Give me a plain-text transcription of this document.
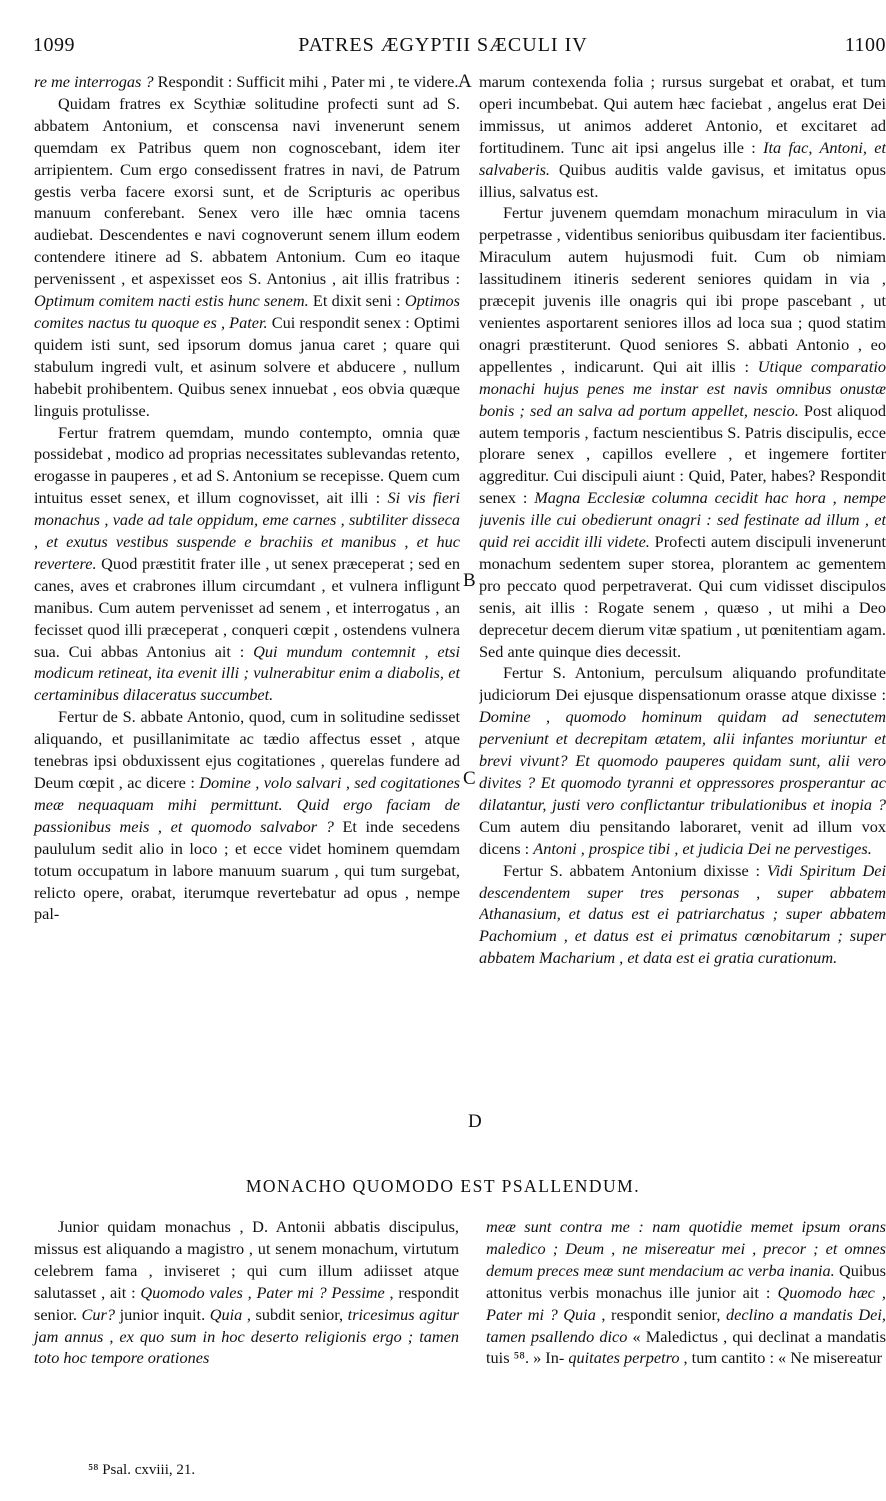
1099	PATRES ÆGYPTII SÆCULI IV	1100
A
B
C
D

re me interrogas ? Respondit : Sufficit mihi , Pater mi , te videre.

Quidam fratres ex Scythiæ solitudine profecti sunt ad S. abbatem Antonium, et conscensa navi invenerunt senem quemdam ex Patribus quem non cognoscebant, idem iter arripientem. Cum ergo consedissent fratres in navi, de Patrum gestis verba facere exorsi sunt, et de Scripturis ac operibus manuum conferebant. Senex vero ille hæc omnia tacens audiebat. Descendentes e navi cognoverunt senem illum eodem contendere itinere ad S. abbatem Antonium. Cum eo itaque pervenissent , et aspexisset eos S. Antonius , ait illis fratribus : Optimum comitem nacti estis hunc senem. Et dixit seni : Optimos comites nactus tu quoque es , Pater. Cui respondit senex : Optimi quidem isti sunt, sed ipsorum domus janua caret ; quare qui stabulum ingredi vult, et asinum solvere et abducere , nullum habebit prohibentem. Quibus senex innuebat , eos obvia quæque linguis protulisse.

Fertur fratrem quemdam, mundo contempto, omnia quæ possidebat , modico ad proprias necessitates sublevandas retento, erogasse in pauperes , et ad S. Antonium se recepisse. Quem cum intuitus esset senex, et illum cognovisset, ait illi : Si vis fieri monachus , vade ad tale oppidum, eme carnes , subtiliter disseca , et exutus vestibus suspende e brachiis et manibus , et huc revertere. Quod præstitit frater ille , ut senex præceperat ; sed en canes, aves et crabrones illum circumdant , et vulnera infligunt manibus. Cum autem pervenisset ad senem , et interrogatus , an fecisset quod illi præceperat , conqueri cœpit , ostendens vulnera sua. Cui abbas Antonius ait : Qui mundum contemnit , etsi modicum retineat, ita evenit illi ; vulnerabitur enim a diabolis, et certaminibus dilaceratus succumbet.

Fertur de S. abbate Antonio, quod, cum in solitudine sedisset aliquando, et pusillanimitate ac tædio affectus esset , atque tenebras ipsi obduxissent ejus cogitationes , querelas fundere ad Deum cœpit , ac dicere : Domine , volo salvari , sed cogitationes meæ nequaquam mihi permittunt. Quid ergo faciam de passionibus meis , et quomodo salvabor ? Et inde secedens paululum sedit alio in loco ; et ecce videt hominem quemdam totum occupatum in labore manuum suarum , qui tum surgebat, relicto opere, orabat, iterumque revertebatur ad opus , nempe pal-

marum contexenda folia ; rursus surgebat et orabat, et tum operi incumbebat. Qui autem hæc faciebat , angelus erat Dei immissus, ut animos adderet Antonio, et excitaret ad fortitudinem. Tunc ait ipsi angelus ille : Ita fac, Antoni, et salvaberis. Quibus auditis valde gavisus, et imitatus opus illius, salvatus est.

Fertur juvenem quemdam monachum miraculum in via perpetrasse , videntibus senioribus quibusdam iter facientibus. Miraculum autem hujusmodi fuit. Cum ob nimiam lassitudinem itineris sederent seniores quidam in via , præcepit juvenis ille onagris qui ibi prope pascebant , ut venientes asportarent seniores illos ad loca sua ; quod statim onagri præstiterunt. Quod seniores S. abbati Antonio , eo appellentes , indicarunt. Qui ait illis : Utique comparatio monachi hujus penes me instar est navis omnibus onustæ bonis ; sed an salva ad portum appellet, nescio. Post aliquod autem temporis , factum nescientibus S. Patris discipulis, ecce plorare senex , capillos evellere , et ingemere fortiter aggreditur. Cui discipuli aiunt : Quid, Pater, habes? Respondit senex : Magna Ecclesiæ columna cecidit hac hora , nempe juvenis ille cui obedierunt onagri : sed festinate ad illum , et quid rei accidit illi videte. Profecti autem discipuli invenerunt monachum sedentem super storea, plorantem ac gementem pro peccato quod perpetraverat. Qui cum vidisset discipulos senis, ait illis : Rogate senem , quæso , ut mihi a Deo deprecetur decem dierum vitæ spatium , ut pœnitentiam agam. Sed ante quinque dies decessit.

Fertur S. Antonium, perculsum aliquando profunditate judiciorum Dei ejusque dispensationum orasse atque dixisse : Domine , quomodo hominum quidam ad senectutem perveniunt et decrepitam ætatem, alii infantes moriuntur et brevi vivunt? Et quomodo pauperes quidam sunt, alii vero divites ? Et quomodo tyranni et oppressores prosperantur ac dilatantur, justi vero conflictantur tribulationibus et inopia ? Cum autem diu pensitando laboraret, venit ad illum vox dicens : Antoni , prospice tibi , et judicia Dei ne pervestiges.

Fertur S. abbatem Antonium dixisse : Vidi Spiritum Dei descendentem super tres personas , super abbatem Athanasium, et datus est ei patriarchatus ; super abbatem Pachomium , et datus est ei primatus cœnobitarum ; super abbatem Macharium , et data est ei gratia curationum.

MONACHO QUOMODO EST PSALLENDUM.

Junior quidam monachus , D. Antonii abbatis discipulus, missus est aliquando a magistro , ut senem monachum, virtutum celebrem fama , inviseret ; qui cum illum adiisset atque salutasset , ait : Quomodo vales , Pater mi ? Pessime , respondit senior. Cur? junior inquit. Quia , subdit senior, tricesimus agitur jam annus , ex quo sum in hoc deserto religionis ergo ; tamen toto hoc tempore orationes

meæ sunt contra me : nam quotidie memet ipsum orans maledico ; Deum , ne misereatur mei , precor ; et omnes demum preces meæ sunt mendacium ac verba inania. Quibus attonitus verbis monachus ille junior ait : Quomodo hæc , Pater mi ? Quia , respondit senior, declino a mandatis Dei, tamen psallendo dico « Maledictus , qui declinat a mandatis tuis ⁵⁸. » In- quitates perpetro , tum cantito : « Ne misereatur

⁵⁸ Psal. cxviii, 21.
